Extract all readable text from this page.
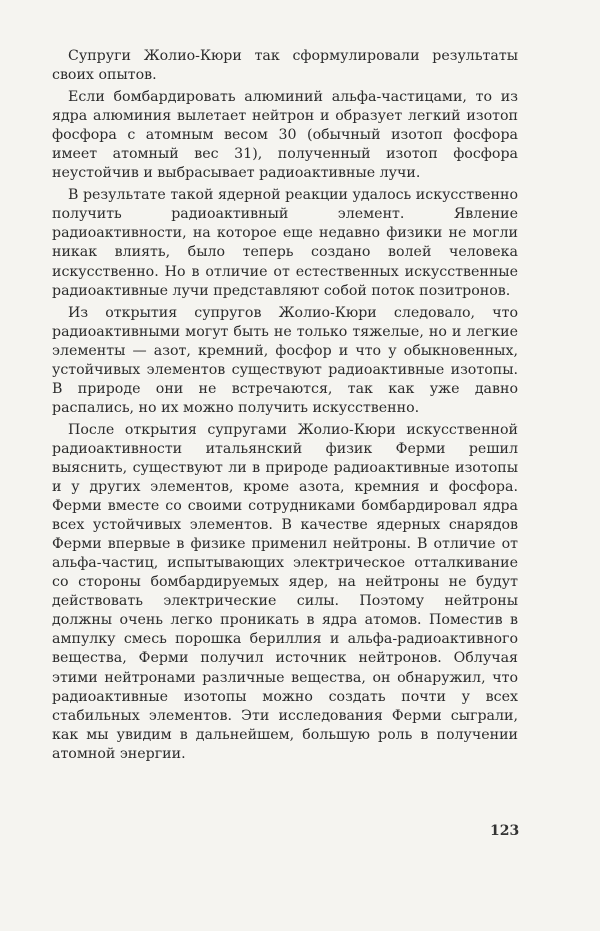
Супруги Жолио-Кюри так сформулировали результаты своих опытов.

Если бомбардировать алюминий альфа-частицами, то из ядра алюминия вылетает нейтрон и образует легкий изотоп фосфора с атомным весом 30 (обычный изотоп фосфора имеет атомный вес 31), полученный изотоп фосфора неустойчив и выбрасывает радиоактивные лучи.

В результате такой ядерной реакции удалось искусственно получить радиоактивный элемент. Явление радиоактивности, на которое еще недавно физики не могли никак влиять, было теперь создано волей человека искусственно. Но в отличие от естественных искусственные радиоактивные лучи представляют собой поток позитронов.

Из открытия супругов Жолио-Кюри следовало, что радиоактивными могут быть не только тяжелые, но и легкие элементы — азот, кремний, фосфор и что у обыкновенных, устойчивых элементов существуют радиоактивные изотопы. В природе они не встречаются, так как уже давно распались, но их можно получить искусственно.

После открытия супругами Жолио-Кюри искусственной радиоактивности итальянский физик Ферми решил выяснить, существуют ли в природе радиоактивные изотопы и у других элементов, кроме азота, кремния и фосфора. Ферми вместе со своими сотрудниками бомбардировал ядра всех устойчивых элементов. В качестве ядерных снарядов Ферми впервые в физике применил нейтроны. В отличие от альфа-частиц, испытывающих электрическое отталкивание со стороны бомбардируемых ядер, на нейтроны не будут действовать электрические силы. Поэтому нейтроны должны очень легко проникать в ядра атомов. Поместив в ампулку смесь порошка бериллия и альфа-радиоактивного вещества, Ферми получил источник нейтронов. Облучая этими нейтронами различные вещества, он обнаружил, что радиоактивные изотопы можно создать почти у всех стабильных элементов. Эти исследования Ферми сыграли, как мы увидим в дальнейшем, большую роль в получении атомной энергии.

123
